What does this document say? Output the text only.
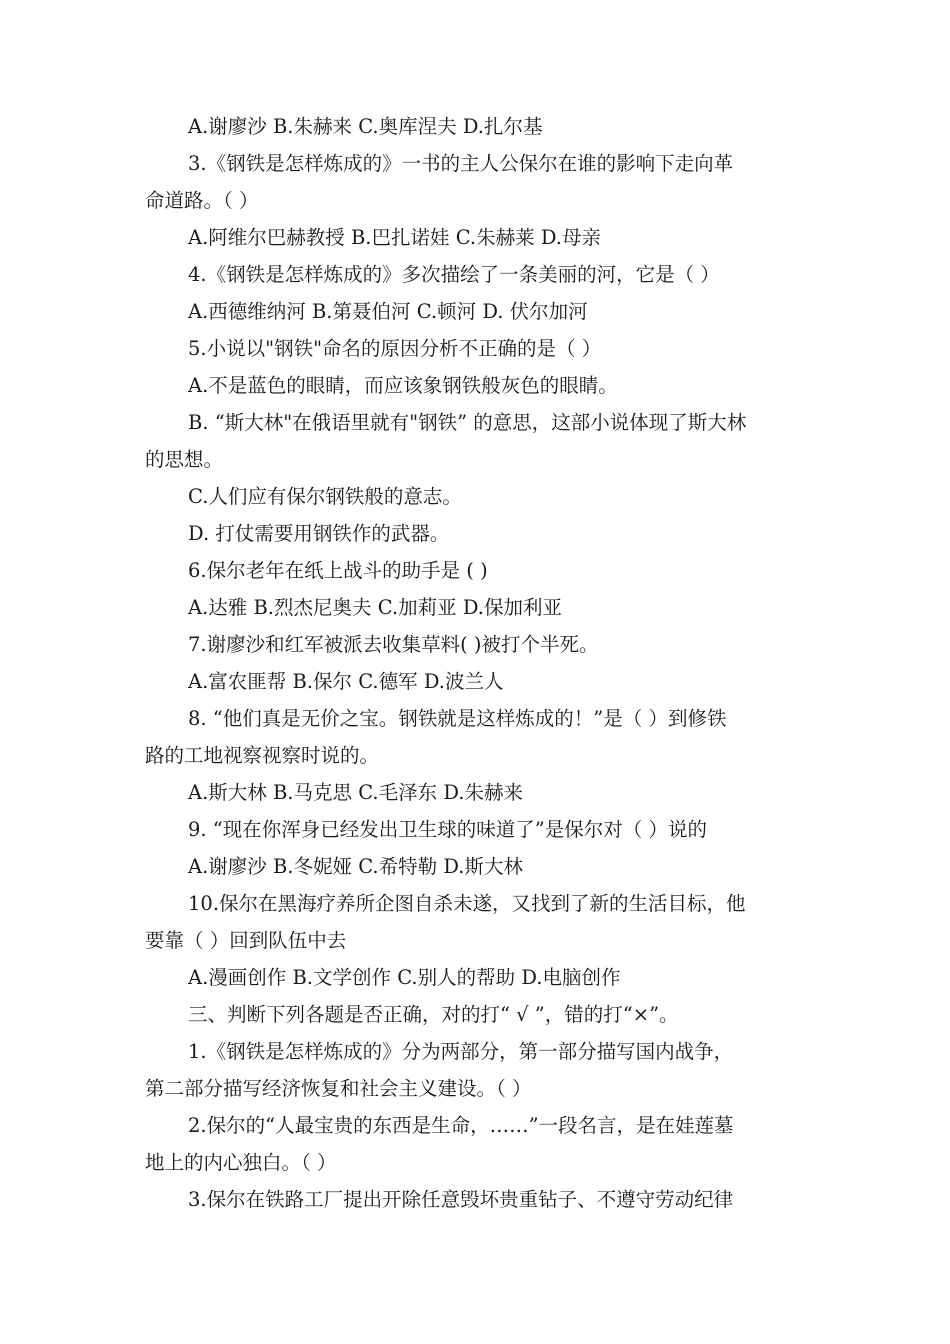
A.谢廖沙 B.朱赫来 C.奥库涅夫 D.扎尔基
3.《钢铁是怎样炼成的》一书的主人公保尔在谁的影响下走向革
命道路。（ ）
A.阿维尔巴赫教授 B.巴扎诺娃 C.朱赫莱 D.母亲
4.《钢铁是怎样炼成的》多次描绘了一条美丽的河，它是（ ）
A.西德维纳河 B.第聂伯河 C.顿河 D. 伏尔加河
5.小说以"钢铁"命名的原因分析不正确的是（ ）
A.不是蓝色的眼睛，而应该象钢铁般灰色的眼睛。
B. “斯大林"在俄语里就有"钢铁” 的意思，这部小说体现了斯大林
的思想。
C.人们应有保尔钢铁般的意志。
D. 打仗需要用钢铁作的武器。
6.保尔老年在纸上战斗的助手是 ( )
A.达雅 B.烈杰尼奥夫 C.加莉亚 D.保加利亚
7.谢廖沙和红军被派去收集草料( )被打个半死。
A.富农匪帮 B.保尔 C.德军 D.波兰人
8. “他们真是无价之宝。钢铁就是这样炼成的！”是（ ）到修铁
路的工地视察视察时说的。
A.斯大林 B.马克思 C.毛泽东 D.朱赫来
9. “现在你浑身已经发出卫生球的味道了”是保尔对（ ）说的
A.谢廖沙 B.冬妮娅 C.希特勒 D.斯大林
10.保尔在黑海疗养所企图自杀未遂，又找到了新的生活目标，他
要靠（ ）回到队伍中去
A.漫画创作 B.文学创作 C.别人的帮助 D.电脑创作
三、判断下列各题是否正确，对的打“ √ ”，错的打“×”。
1.《钢铁是怎样炼成的》分为两部分，第一部分描写国内战争，
第二部分描写经济恢复和社会主义建设。（ ）
2.保尔的“人最宝贵的东西是生命，……”一段名言，是在娃莲墓
地上的内心独白。（ ）
3.保尔在铁路工厂提出开除任意毁坏贵重钻子、不遵守劳动纪律
